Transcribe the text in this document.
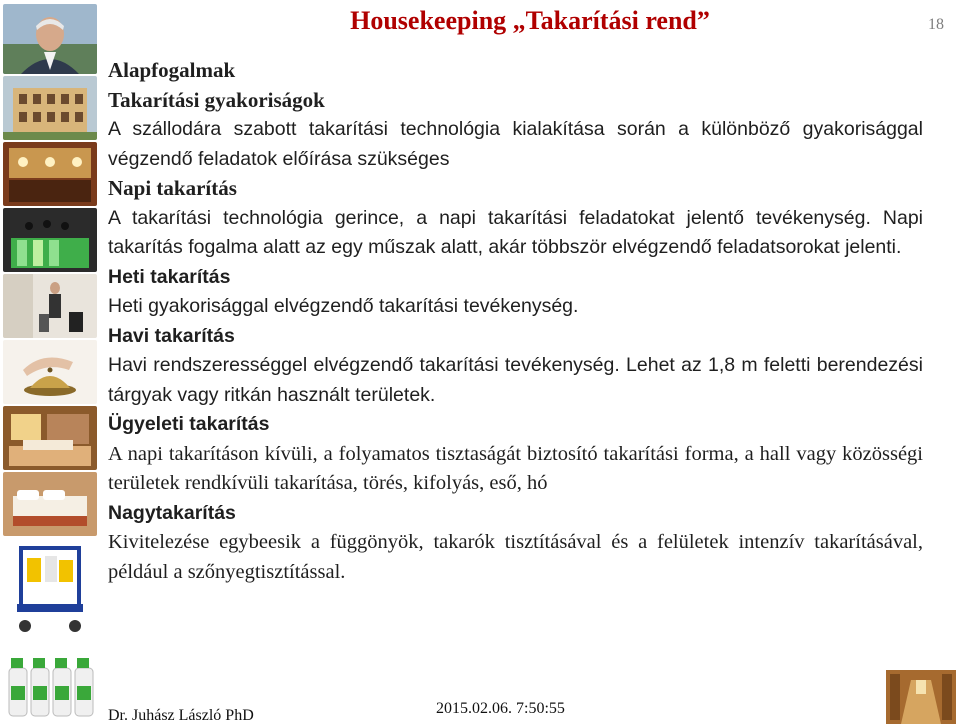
Housekeeping „Takarítási rend”	18

Alapfogalmak

Takarítási gyakoriságok

A szállodára szabott takarítási technológia kialakítása során a különböző gyakorisággal végzendő feladatok előírása szükséges

Napi takarítás

A takarítási technológia gerince, a napi takarítási feladatokat jelentő tevékenység. Napi takarítás fogalma alatt az egy műszak alatt, akár többször elvégzendő feladatsorokat jelenti.

Heti takarítás

Heti gyakorisággal elvégzendő takarítási tevékenység.

Havi takarítás

Havi rendszerességgel elvégzendő takarítási tevékenység. Lehet az 1,8 m feletti berendezési tárgyak vagy ritkán használt területek.

Ügyeleti takarítás

A napi takarításon kívüli, a folyamatos tisztaságát biztosító takarítási forma, a hall vagy közösségi területek rendkívüli takarítása, törés, kifolyás, eső, hó

Nagytakarítás

Kivitelezése egybeesik a függönyök, takarók tisztításával és a felületek intenzív takarításával, például a szőnyegtisztítással.

Dr. Juhász László PhD	2015.02.06. 7:50:55
